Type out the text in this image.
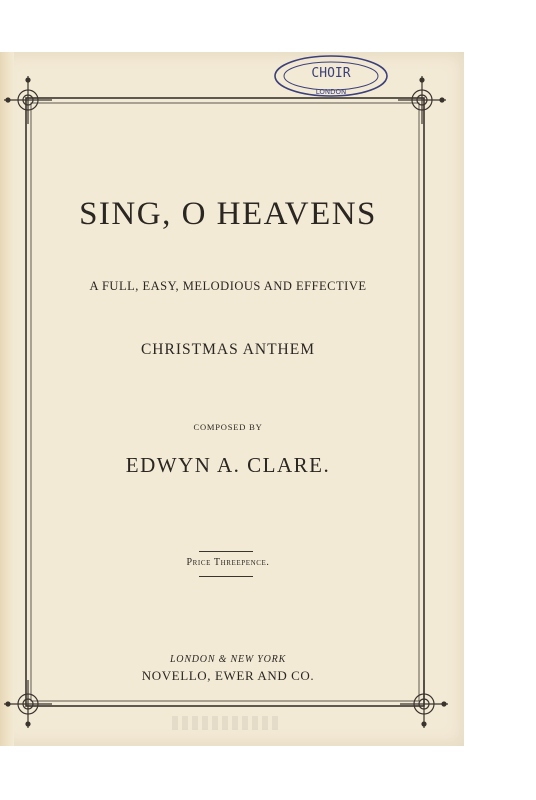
CHOIR
LONDON
SING, O HEAVENS
A FULL, EASY, MELODIOUS AND EFFECTIVE
CHRISTMAS ANTHEM
COMPOSED BY
EDWYN A. CLARE.
Price Threepence.
LONDON & NEW YORK
NOVELLO, EWER AND CO.
